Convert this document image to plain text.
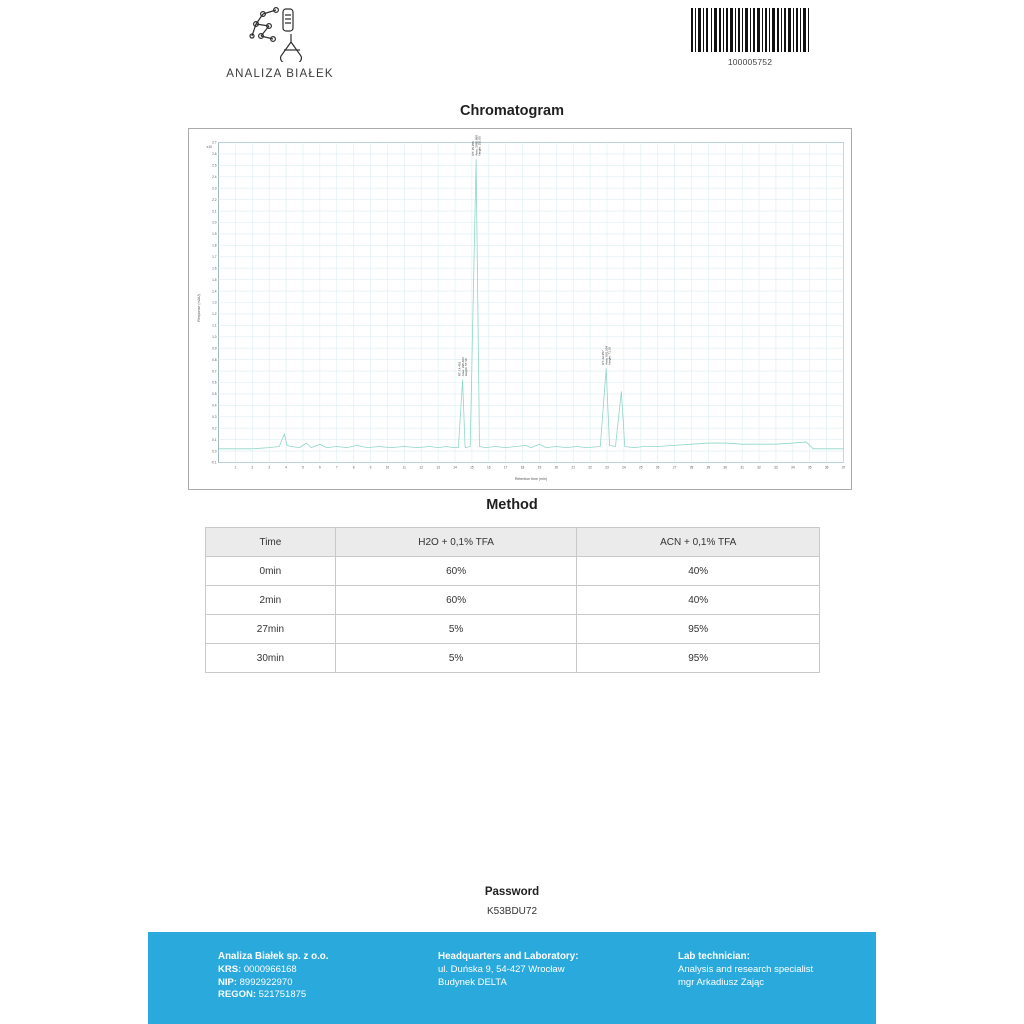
ANALIZA BIAŁEK
100005752
Chromatogram
1	2	3	4	5	6	7	8	9	10	11	12	13	14	15	16	17	18	19	20	21	22	23	24	25	26	27	28	29	30	31	32	33	34	35	36	37
-0.1
0.0
0.1
0.2
0.3
0.4
0.5
0.6
0.7
0.8
0.9
1.0
1.1
1.2
1.3
1.4
1.5
1.6
1.7
1.8
1.9
2.0
2.1
2.2
2.3
2.4
2.5
2.6
2.7
RT: 14.453 Area: 398.403 Height: 57.38
RT: 15.255 Area: 2980.889 Height: 251.05
RT: 22.957 Area: 561.204 Height: 71.26
Response (mAU)
Retention time (min)
x10
Method
Time	H2O + 0,1% TFA	ACN + 0,1% TFA
0min	60%	40%
2min	60%	40%
27min	5%	95%
30min	5%	95%
Password
K53BDU72
Analiza Białek sp. z o.o.
KRS: 0000966168
NIP: 8992922970
REGON: 521751875
Headquarters and Laboratory:
ul. Duńska 9, 54-427 Wrocław
Budynek DELTA
Lab technician:
Analysis and research specialist
mgr Arkadiusz Zając
